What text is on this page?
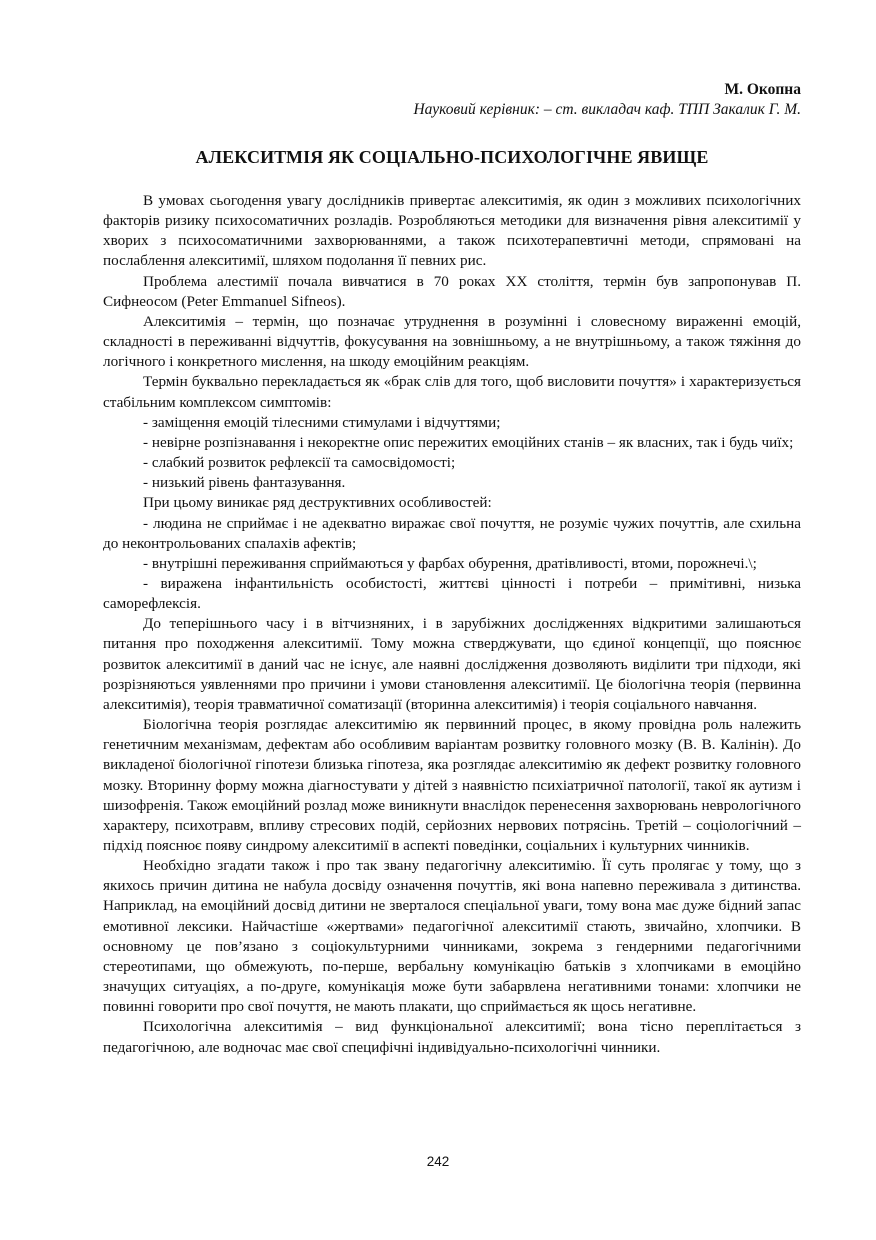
М. Окопна

Науковий керівник: – ст. викладач каф. ТПП Закалик Г. М.

АЛЕКСИТМІЯ ЯК СОЦІАЛЬНО-ПСИХОЛОГІЧНЕ ЯВИЩЕ

В умовах сьогодення увагу дослідників привертає алекситимія, як один з можливих психологічних факторів ризику психосоматичних розладів. Розробляються методики для визначення рівня алекситимії у хворих з психосоматичними захворюваннями, а також психотерапевтичні методи, спрямовані на послаблення алекситимії, шляхом подолання її певних рис.

Проблема алестимії почала вивчатися в 70 роках XX століття, термін був запропонував П. Сифнеосом (Peter Emmanuel Sifneos).

Алекситимія – термін, що позначає утруднення в розумінні і словесному вираженні емоцій, складності в переживанні відчуттів, фокусування на зовнішньому, а не внутрішньому, а також тяжіння до логічного і конкретного мислення, на шкоду емоційним реакціям.

Термін буквально перекладається як «брак слів для того, щоб висловити почуття» і характеризується стабільним комплексом симптомів:

- заміщення емоцій тілесними стимулами і відчуттями;

- невірне розпізнавання і некоректне опис пережитих емоційних станів – як власних, так і будь чиїх;

- слабкий розвиток рефлексії та самосвідомості;

- низький рівень фантазування.

При цьому виникає ряд деструктивних особливостей:

- людина не сприймає і не адекватно виражає свої почуття, не розуміє чужих почуттів, але схильна до неконтрольованих спалахів афектів;

- внутрішні переживання сприймаються у фарбах обурення, дратівливості, втоми, порожнечі.\;

- виражена інфантильність особистості, життєві цінності і потреби – примітивні, низька саморефлексія.

До теперішнього часу і в вітчизняних, і в зарубіжних дослідженнях відкритими залишаються питання про походження алекситимії. Тому можна стверджувати, що єдиної концепції, що пояснює розвиток алекситимії в даний час не існує, але наявні дослідження дозволяють виділити три підходи, які розрізняються уявленнями про причини і умови становлення алекситимії. Це біологічна теорія (первинна алекситимія), теорія травматичної соматизації (вторинна алекситимія) і теорія соціального навчання.

Біологічна теорія розглядає алекситимію як первинний процес, в якому провідна роль належить генетичним механізмам, дефектам або особливим варіантам розвитку головного мозку (В. В. Калінін). До викладеної біологічної гіпотези близька гіпотеза, яка розглядає алекситимію як дефект розвитку головного мозку. Вторинну форму можна діагностувати у дітей з наявністю психіатричної патології, такої як аутизм і шизофренія. Також емоційний розлад може виникнути внаслідок перенесення захворювань неврологічного характеру, психотравм, впливу стресових подій, серйозних нервових потрясінь. Третій – соціологічний – підхід пояснює появу синдрому алекситимії в аспекті поведінки, соціальних і культурних чинників.

Необхідно згадати також і про так звану педагогічну алекситимію. Її суть пролягає у тому, що з якихось причин дитина не набула досвіду означення почуттів, які вона напевно переживала з дитинства. Наприклад, на емоційний досвід дитини не зверталося спеціальної уваги, тому вона має дуже бідний запас емотивної лексики. Найчастіше «жертвами» педагогічної алекситимії стають, звичайно, хлопчики. В основному це пов’язано з соціокультурними чинниками, зокрема з гендерними педагогічними стереотипами, що обмежують, по-перше, вербальну комунікацію батьків з хлопчиками в емоційно значущих ситуаціях, а по-друге, комунікація може бути забарвлена негативними тонами: хлопчики не повинні говорити про свої почуття, не мають плакати, що сприймається як щось негативне.

Психологічна алекситимія – вид функціональної алекситимії; вона тісно переплітається з педагогічною, але водночас має свої специфічні індивідуально-психологічні чинники.

242
